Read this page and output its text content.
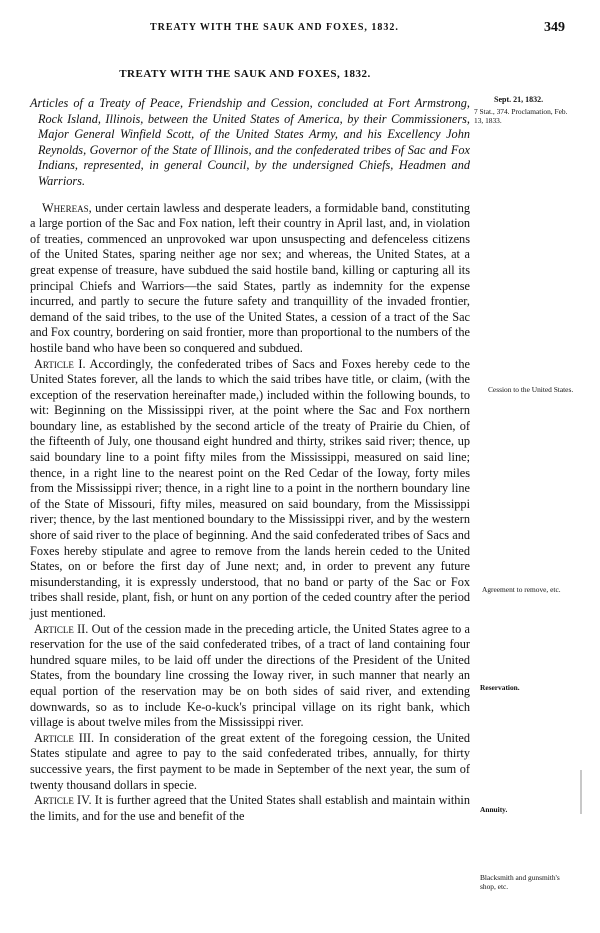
TREATY WITH THE SAUK AND FOXES, 1832.	349
TREATY WITH THE SAUK AND FOXES, 1832.

Articles of a Treaty of Peace, Friendship and Cession, concluded at Fort Armstrong, Rock Island, Illinois, between the United States of America, by their Commissioners, Major General Winfield Scott, of the United States Army, and his Excellency John Reynolds, Governor of the State of Illinois, and the confederated tribes of Sac and Fox Indians, represented, in general Council, by the undersigned Chiefs, Headmen and Warriors.

Whereas, under certain lawless and desperate leaders, a formidable band, constituting a large portion of the Sac and Fox nation, left their country in April last, and, in violation of treaties, commenced an unprovoked war upon unsuspecting and defenceless citizens of the United States, sparing neither age nor sex; and whereas, the United States, at a great expense of treasure, have subdued the said hostile band, killing or capturing all its principal Chiefs and Warriors—the said States, partly as indemnity for the expense incurred, and partly to secure the future safety and tranquillity of the invaded frontier, demand of the said tribes, to the use of the United States, a cession of a tract of the Sac and Fox country, bordering on said frontier, more than proportional to the numbers of the hostile band who have been so conquered and subdued.

Article I. Accordingly, the confederated tribes of Sacs and Foxes hereby cede to the United States forever, all the lands to which the said tribes have title, or claim, (with the exception of the reservation hereinafter made,) included within the following bounds, to wit: Beginning on the Mississippi river, at the point where the Sac and Fox northern boundary line, as established by the second article of the treaty of Prairie du Chien, of the fifteenth of July, one thousand eight hundred and thirty, strikes said river; thence, up said boundary line to a point fifty miles from the Mississippi, measured on said line; thence, in a right line to the nearest point on the Red Cedar of the Ioway, forty miles from the Mississippi river; thence, in a right line to a point in the northern boundary line of the State of Missouri, fifty miles, measured on said boundary, from the Mississippi river; thence, by the last mentioned boundary to the Mississippi river, and by the western shore of said river to the place of beginning. And the said confederated tribes of Sacs and Foxes hereby stipulate and agree to remove from the lands herein ceded to the United States, on or before the first day of June next; and, in order to prevent any future misunderstanding, it is expressly understood, that no band or party of the Sac or Fox tribes shall reside, plant, fish, or hunt on any portion of the ceded country after the period just mentioned.

Article II. Out of the cession made in the preceding article, the United States agree to a reservation for the use of the said confederated tribes, of a tract of land containing four hundred square miles, to be laid off under the directions of the President of the United States, from the boundary line crossing the Ioway river, in such manner that nearly an equal portion of the reservation may be on both sides of said river, and extending downwards, so as to include Ke-o-kuck's principal village on its right bank, which village is about twelve miles from the Mississippi river.

Article III. In consideration of the great extent of the foregoing cession, the United States stipulate and agree to pay to the said confederated tribes, annually, for thirty successive years, the first payment to be made in September of the next year, the sum of twenty thousand dollars in specie.

Article IV. It is further agreed that the United States shall establish and maintain within the limits, and for the use and benefit of the

Sept. 21, 1832.
7 Stat., 374. Proclamation, Feb. 13, 1833.
Cession to the United States.
Agreement to remove, etc.
Reservation.
Annuity.
Blacksmith and gunsmith's shop, etc.
